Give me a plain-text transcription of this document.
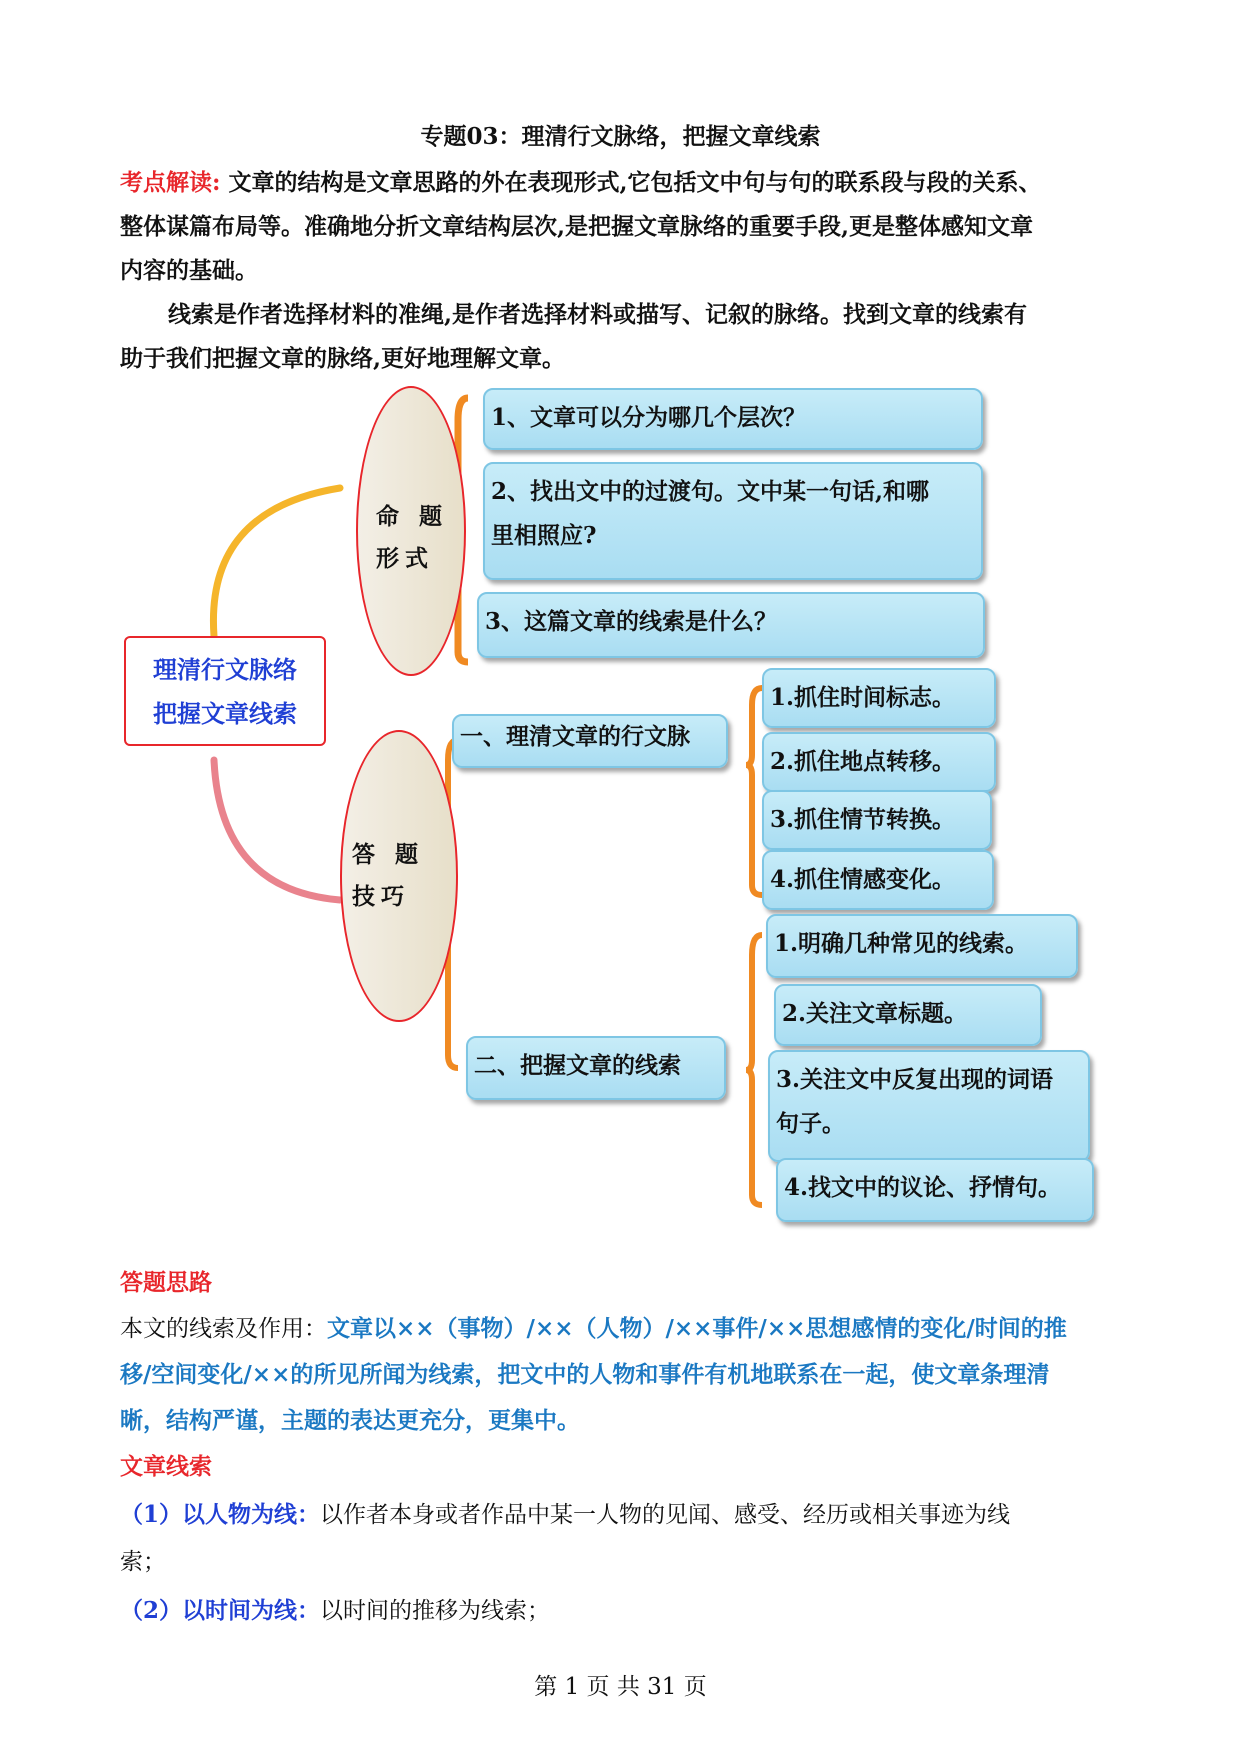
专题03：理清行文脉络，把握文章线索
考点解读: 文章的结构是文章思路的外在表现形式,它包括文中句与句的联系段与段的关系、
整体谋篇布局等。准确地分折文章结构层次,是把握文章脉络的重要手段,更是整体感知文章
内容的基础。
线索是作者选择材料的准绳,是作者选择材料或描写、记叙的脉络。找到文章的线索有
助于我们把握文章的脉络,更好地理解文章。
理清行文脉络
把握文章线索
命 题
形式
答 题
技巧
1、文章可以分为哪几个层次？
2、找出文中的过渡句。文中某一句话,和哪
里相照应?
3、这篇文章的线索是什么？
一、理清文章的行文脉
二、把握文章的线索
1.抓住时间标志。
2.抓住地点转移。
3.抓住情节转换。
4.抓住情感变化。
1.明确几种常见的线索。
2.关注文章标题。
3.关注文中反复出现的词语
句子。
4.找文中的议论、抒情句。
答题思路
本文的线索及作用：文章以××（事物）/××（人物）/××事件/××思想感情的变化/时间的推
移/空间变化/××的所见所闻为线索，把文中的人物和事件有机地联系在一起，使文章条理清
晰，结构严谨，主题的表达更充分，更集中。
文章线索
（1）以人物为线：以作者本身或者作品中某一人物的见闻、感受、经历或相关事迹为线
索；
（2）以时间为线：以时间的推移为线索；
第 1 页 共 31 页
